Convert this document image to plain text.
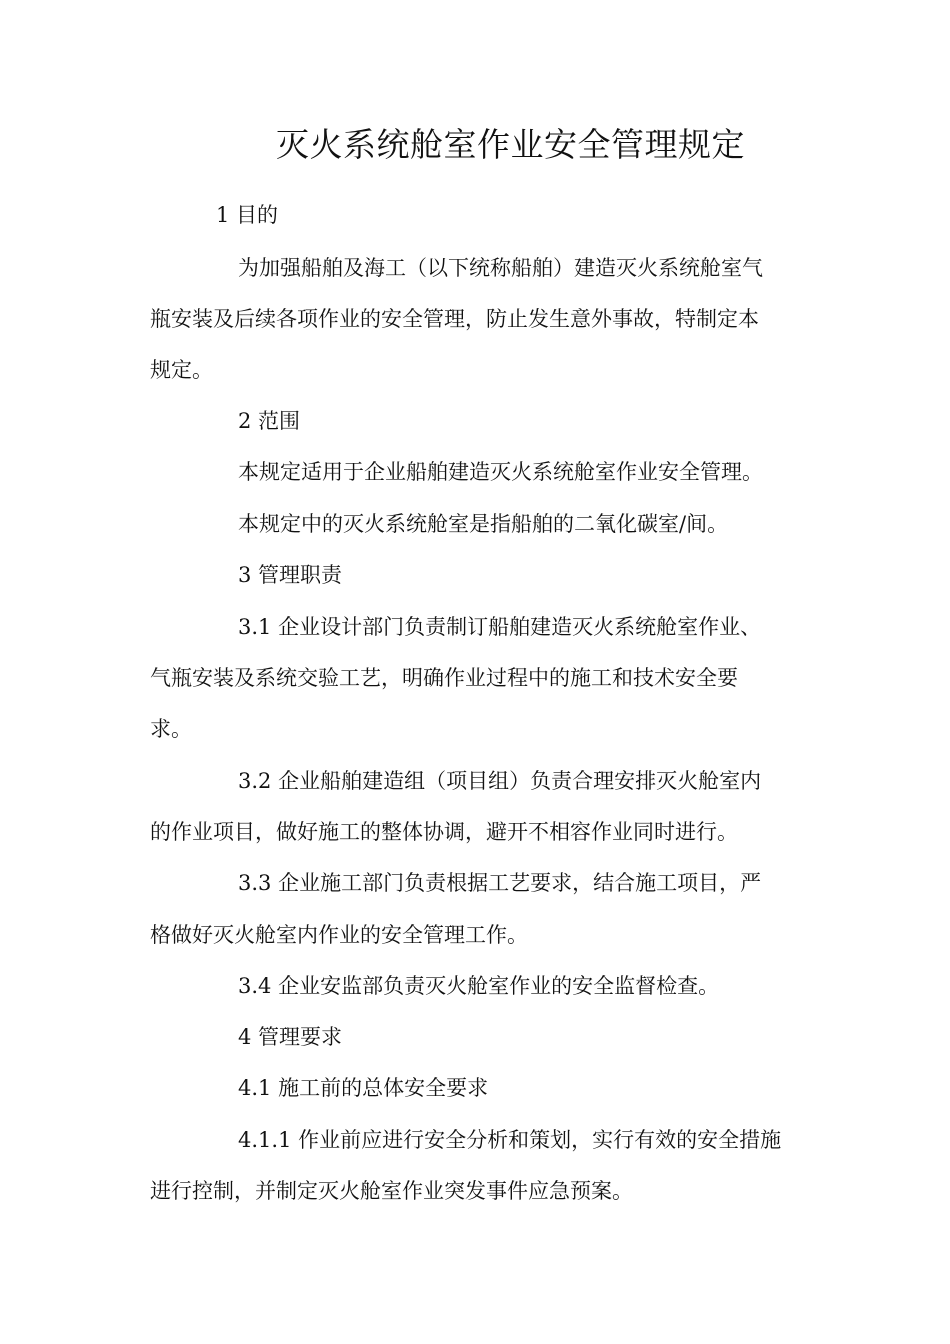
灭火系统舱室作业安全管理规定
1 目的
为加强船舶及海工（以下统称船舶）建造灭火系统舱室气
瓶安装及后续各项作业的安全管理，防止发生意外事故，特制定本
规定。
2 范围
本规定适用于企业船舶建造灭火系统舱室作业安全管理。
本规定中的灭火系统舱室是指船舶的二氧化碳室/间。
3 管理职责
3.1 企业设计部门负责制订船舶建造灭火系统舱室作业、
气瓶安装及系统交验工艺，明确作业过程中的施工和技术安全要
求。
3.2 企业船舶建造组（项目组）负责合理安排灭火舱室内
的作业项目，做好施工的整体协调，避开不相容作业同时进行。
3.3 企业施工部门负责根据工艺要求，结合施工项目，严
格做好灭火舱室内作业的安全管理工作。
3.4 企业安监部负责灭火舱室作业的安全监督检查。
4 管理要求
4.1 施工前的总体安全要求
4.1.1 作业前应进行安全分析和策划，实行有效的安全措施
进行控制，并制定灭火舱室作业突发事件应急预案。
